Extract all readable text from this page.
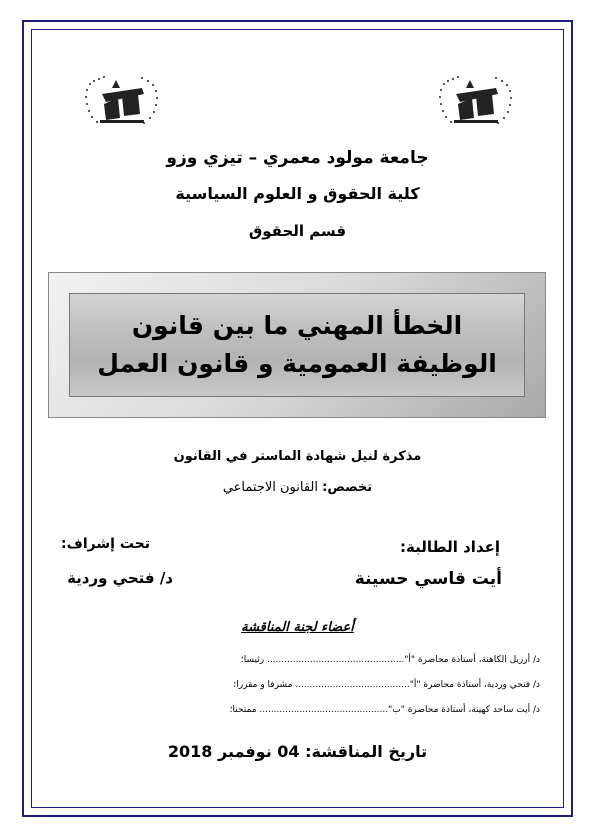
جامعة مولود معمري – تيزي وزو
كلية الحقوق و العلوم السياسية
قسم الحقوق
الخطأ المهني ما بين قانون
الوظيفة العمومية و قانون العمل
مذكرة لنيل شهادة الماستر في القانون
تخصص: القانون الاجتماعي
إعداد الطالبة:
تحت إشراف:
أيت قاسي حسينة
د/ فتحي وردية
أعضاء لجنة المناقشة
د/ أرزيل الكاهنة، أستاذة محاضرة "أ"................................................ رئيسا؛
د/ فتحي وردية، أستاذة محاضرة "أ"........................................ مشرفا و مقررا؛
د/ أيت ساحد كهينة، أستاذة محاضرة "ب"............................................. ممتحنا؛
تاريخ المناقشة: 04 نوفمبر 2018
